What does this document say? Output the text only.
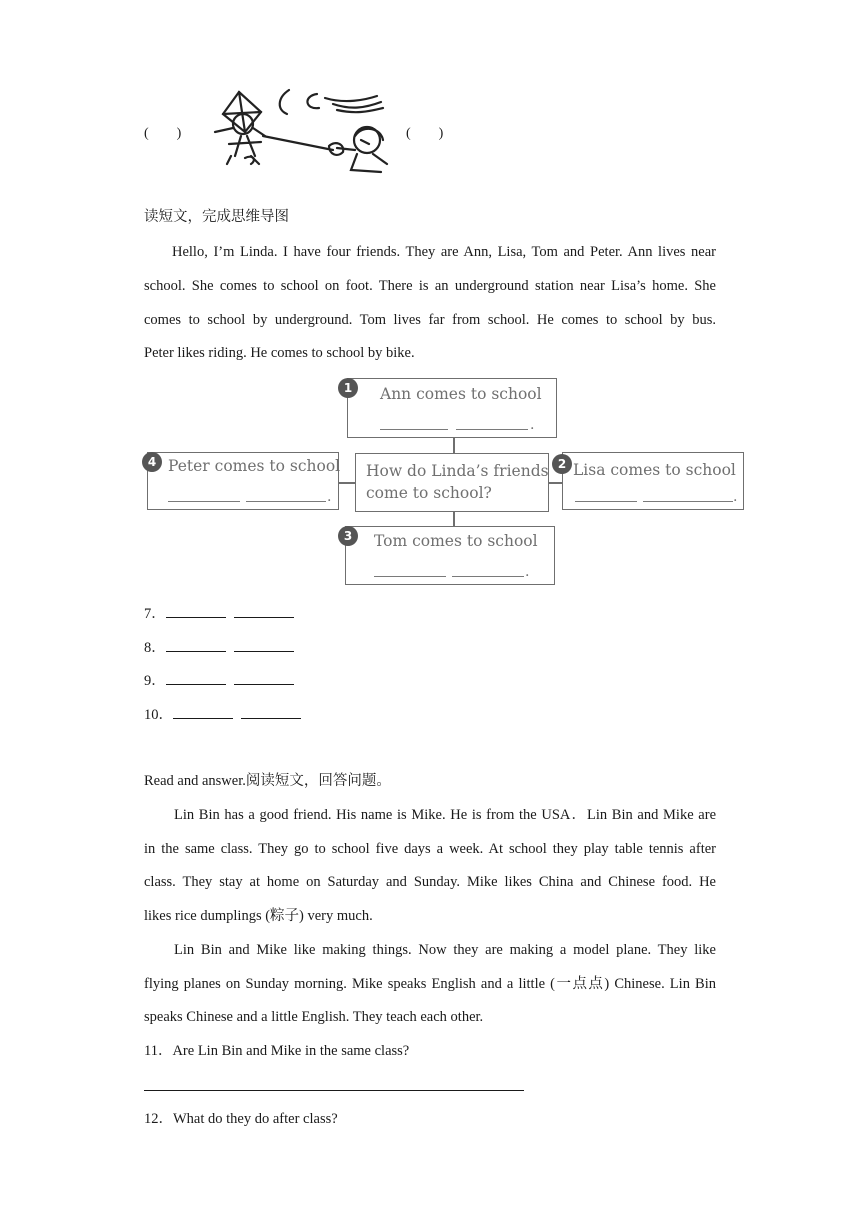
(　　)	(　　)
读短文，完成思维导图
Hello, I’m Linda. I have four friends. They are Ann, Lisa, Tom and Peter. Ann lives near
school. She comes to school on foot. There is an underground station near Lisa’s home. She
comes to school by underground. Tom lives far from school. He comes to school by bus.
Peter likes riding. He comes to school by bike.
Ann comes to school
.
1
How do Linda’s friends
come to school?
Peter comes to school
.
4	Lisa comes to school
.
2
Tom comes to school
.
3
7．
8．
9．
10．
Read and answer.阅读短文，回答问题。
Lin Bin has a good friend. His name is Mike. He is from the USA．Lin Bin and Mike are
in the same class. They go to school five days a week. At school they play table tennis after
class. They stay at home on Saturday and Sunday. Mike likes China and Chinese food. He
likes rice dumplings (粽子) very much.
Lin Bin and Mike like making things. Now they are making a model plane. They like
flying planes on Sunday morning. Mike speaks English and a little (一点点) Chinese. Lin Bin
speaks Chinese and a little English. They teach each other.
11．Are Lin Bin and Mike in the same class?
12．What do they do after class?
